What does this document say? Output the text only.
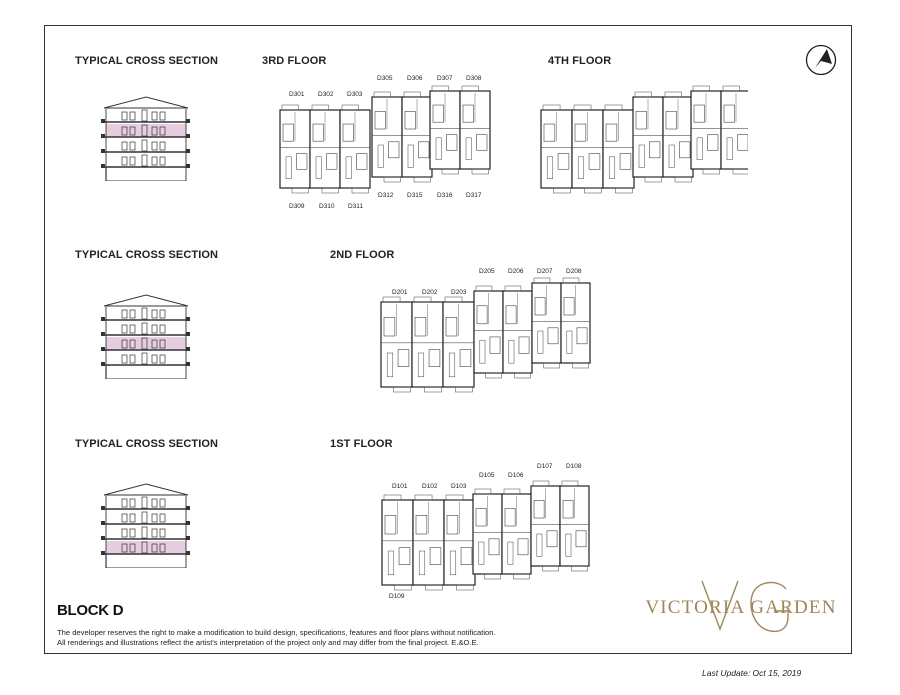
TYPICAL CROSS SECTION	3RD FLOOR	4TH FLOOR
TYPICAL CROSS SECTION	2ND FLOOR
TYPICAL CROSS SECTION	1ST FLOOR
D301 D302 D303
D305 D306 D307 D308
D309 D310 D311
D312 D315 D316 D317
D201 D202 D203
D205 D206 D207 D208
D101 D102 D103
D105 D106
D107 D108
D109
BLOCK D
The developer reserves the right to make a modification to build design, specifications, features and floor plans without notification.
All renderings and illustrations reflect the artist's interpretation of the project only and may differ from the final project. E.&O.E.
VICTORIA GARDEN
Last Update: Oct 15, 2019
